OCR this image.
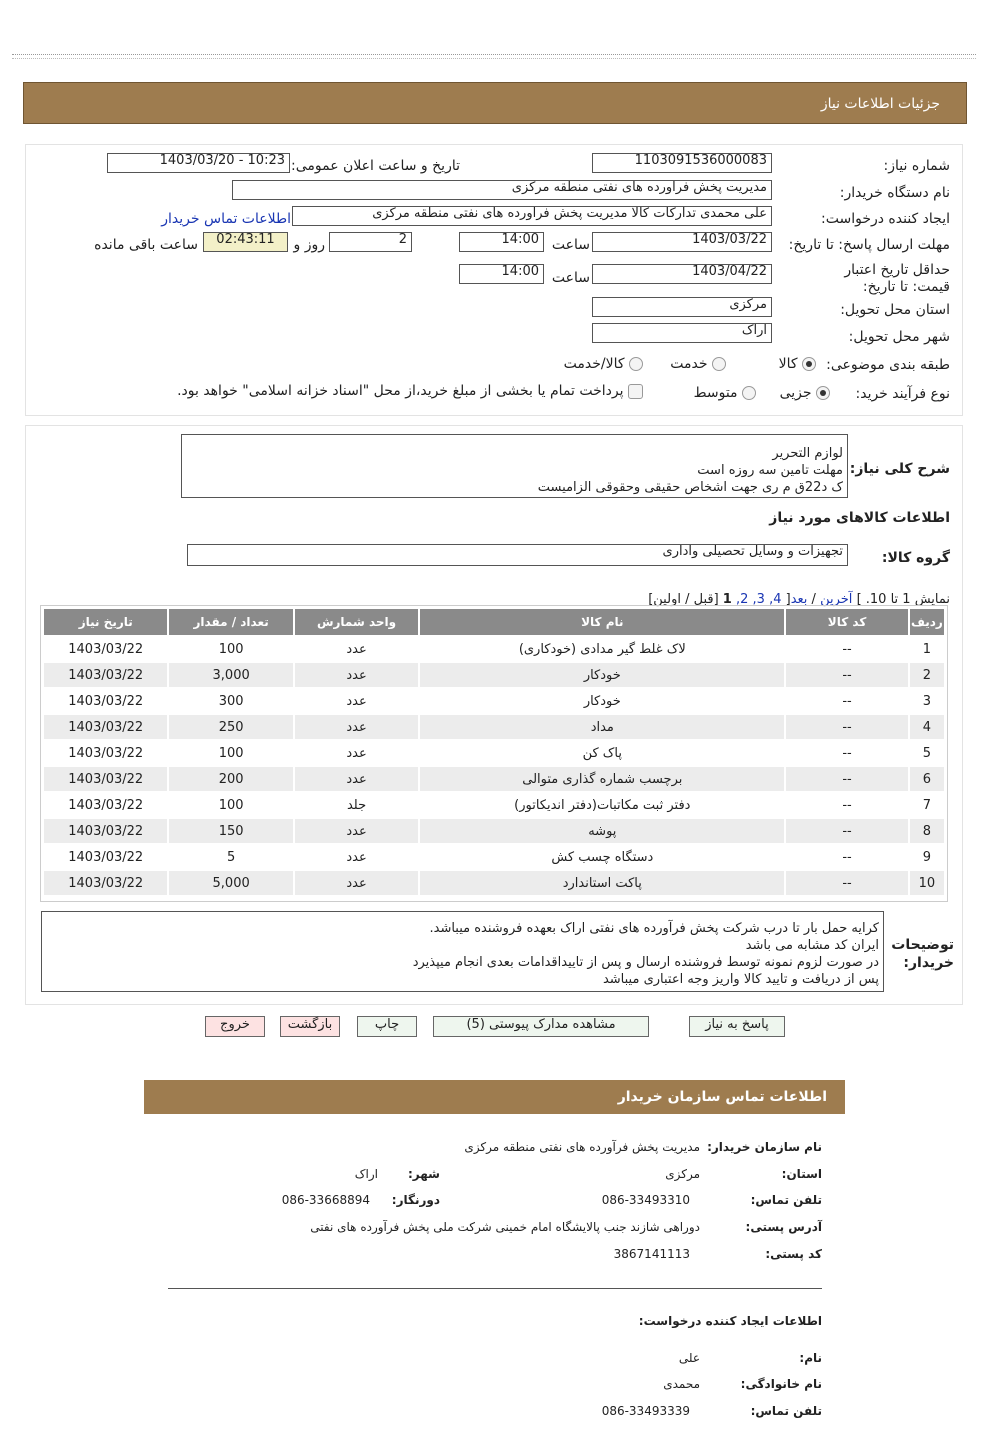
جزئیات اطلاعات نیاز
شماره نیاز:
1103091536000083
تاریخ و ساعت اعلان عمومی:
1403/03/20 - 10:23
نام دستگاه خریدار:
مدیریت پخش فرآورده های نفتی منطقه مرکزی
ایجاد کننده درخواست:
علی محمدی تدارکات کالا مدیریت پخش فرآورده های نفتی منطقه مرکزی
اطلاعات تماس خریدار
مهلت ارسال پاسخ: تا تاریخ:
1403/03/22
ساعت
14:00
2
روز و
02:43:11
ساعت باقی مانده
حداقل تاریخ اعتبار قیمت: تا تاریخ:
1403/04/22
ساعت
14:00
استان محل تحویل:
مرکزی
شهر محل تحویل:
اراک
طبقه بندی موضوعی:
کالا
خدمت
کالا/خدمت
نوع فرآیند خرید:
جزیی
متوسط
پرداخت تمام یا بخشی از مبلغ خرید،از محل "اسناد خزانه اسلامی" خواهد بود.
شرح کلی نیاز:
لوازم التحریر
مهلت تامین سه روزه است
ک د22ق م ری جهت اشخاص حقیقی وحقوقی الزامیست
اطلاعات کالاهای مورد نیاز
گروه کالا:
تجهیزات و وسایل تحصیلی واداری
نمایش 1 تا 10. ] آخرین / بعد[ 4, 3, 2, 1 [قبل / اولین]
ردیف	کد کالا	نام کالا	واحد شمارش	تعداد / مقدار	تاریخ نیاز
1	--	لاک غلط گیر مدادی (خودکاری)	عدد	100	1403/03/22
2	--	خودکار	عدد	3,000	1403/03/22
3	--	خودکار	عدد	300	1403/03/22
4	--	مداد	عدد	250	1403/03/22
5	--	پاک کن	عدد	100	1403/03/22
6	--	برچسب شماره گذاری متوالی	عدد	200	1403/03/22
7	--	دفتر ثبت مکاتبات(دفتر اندیکاتور)	جلد	100	1403/03/22
8	--	پوشه	عدد	150	1403/03/22
9	--	دستگاه چسب کش	عدد	5	1403/03/22
10	--	پاکت استاندارد	عدد	5,000	1403/03/22
توضیحات خریدار:
کرایه حمل بار تا درب شرکت پخش فرآورده های نفتی اراک بعهده فروشنده میباشد.
ایران کد مشابه می باشد
در صورت لزوم نمونه توسط فروشنده ارسال و پس از تاییداقدامات بعدی انجام میپذیرد
پس از دریافت و تایید کالا واریز وجه اعتباری میباشد
پاسخ به نیاز
مشاهده مدارک پیوستی (5)
چاپ
بازگشت
خروج
اطلاعات تماس سازمان خریدار
نام سازمان خریدار:
مدیریت پخش فرآورده های نفتی منطقه مرکزی
استان:
مرکزی
شهر:
اراک
تلفن تماس:
086-33493310
دورنگار:
086-33668894
آدرس پستی:
دوراهی شازند جنب پالایشگاه امام خمینی شرکت ملی پخش فرآورده های نفتی
کد پستی:
3867141113
اطلاعات ایجاد کننده درخواست:
نام:
علی
نام خانوادگی:
محمدی
تلفن تماس:
086-33493339
